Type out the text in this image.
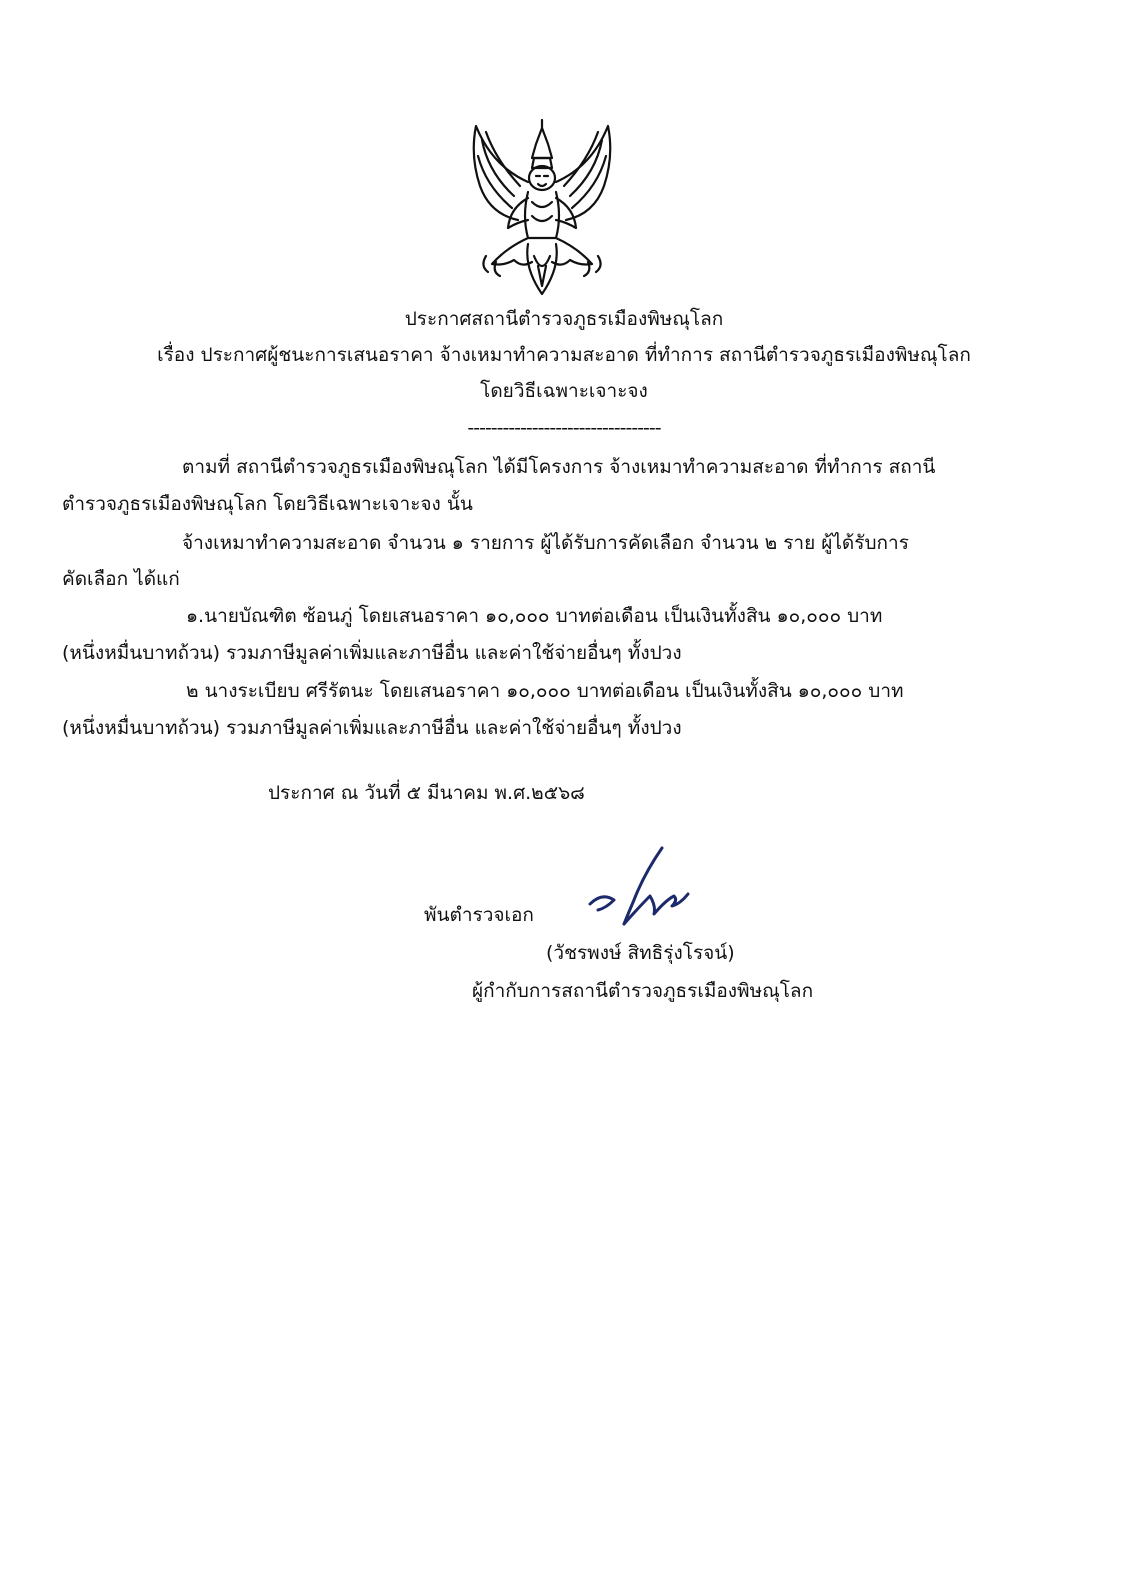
ประกาศสถานีตำรวจภูธรเมืองพิษณุโลก
เรื่อง ประกาศผู้ชนะการเสนอราคา จ้างเหมาทำความสะอาด ที่ทำการ สถานีตำรวจภูธรเมืองพิษณุโลก
โดยวิธีเฉพาะเจาะจง
---------------------------------
ตามที่ สถานีตำรวจภูธรเมืองพิษณุโลก ได้มีโครงการ จ้างเหมาทำความสะอาด ที่ทำการ สถานี
ตำรวจภูธรเมืองพิษณุโลก โดยวิธีเฉพาะเจาะจง นั้น
จ้างเหมาทำความสะอาด จำนวน ๑ รายการ ผู้ได้รับการคัดเลือก จำนวน ๒ ราย ผู้ได้รับการ
คัดเลือก ได้แก่
๑.นายบัณฑิต ซ้อนภู่ โดยเสนอราคา ๑๐,๐๐๐ บาทต่อเดือน เป็นเงินทั้งสิน ๑๐,๐๐๐ บาท
(หนึ่งหมื่นบาทถ้วน) รวมภาษีมูลค่าเพิ่มและภาษีอื่น และค่าใช้จ่ายอื่นๆ ทั้งปวง
๒ นางระเบียบ ศรีรัตนะ โดยเสนอราคา ๑๐,๐๐๐ บาทต่อเดือน เป็นเงินทั้งสิน ๑๐,๐๐๐ บาท
(หนึ่งหมื่นบาทถ้วน) รวมภาษีมูลค่าเพิ่มและภาษีอื่น และค่าใช้จ่ายอื่นๆ ทั้งปวง
ประกาศ ณ วันที่ ๕ มีนาคม พ.ศ.๒๕๖๘
พันตำรวจเอก
(วัชรพงษ์ สิทธิรุ่งโรจน์)
ผู้กำกับการสถานีตำรวจภูธรเมืองพิษณุโลก
